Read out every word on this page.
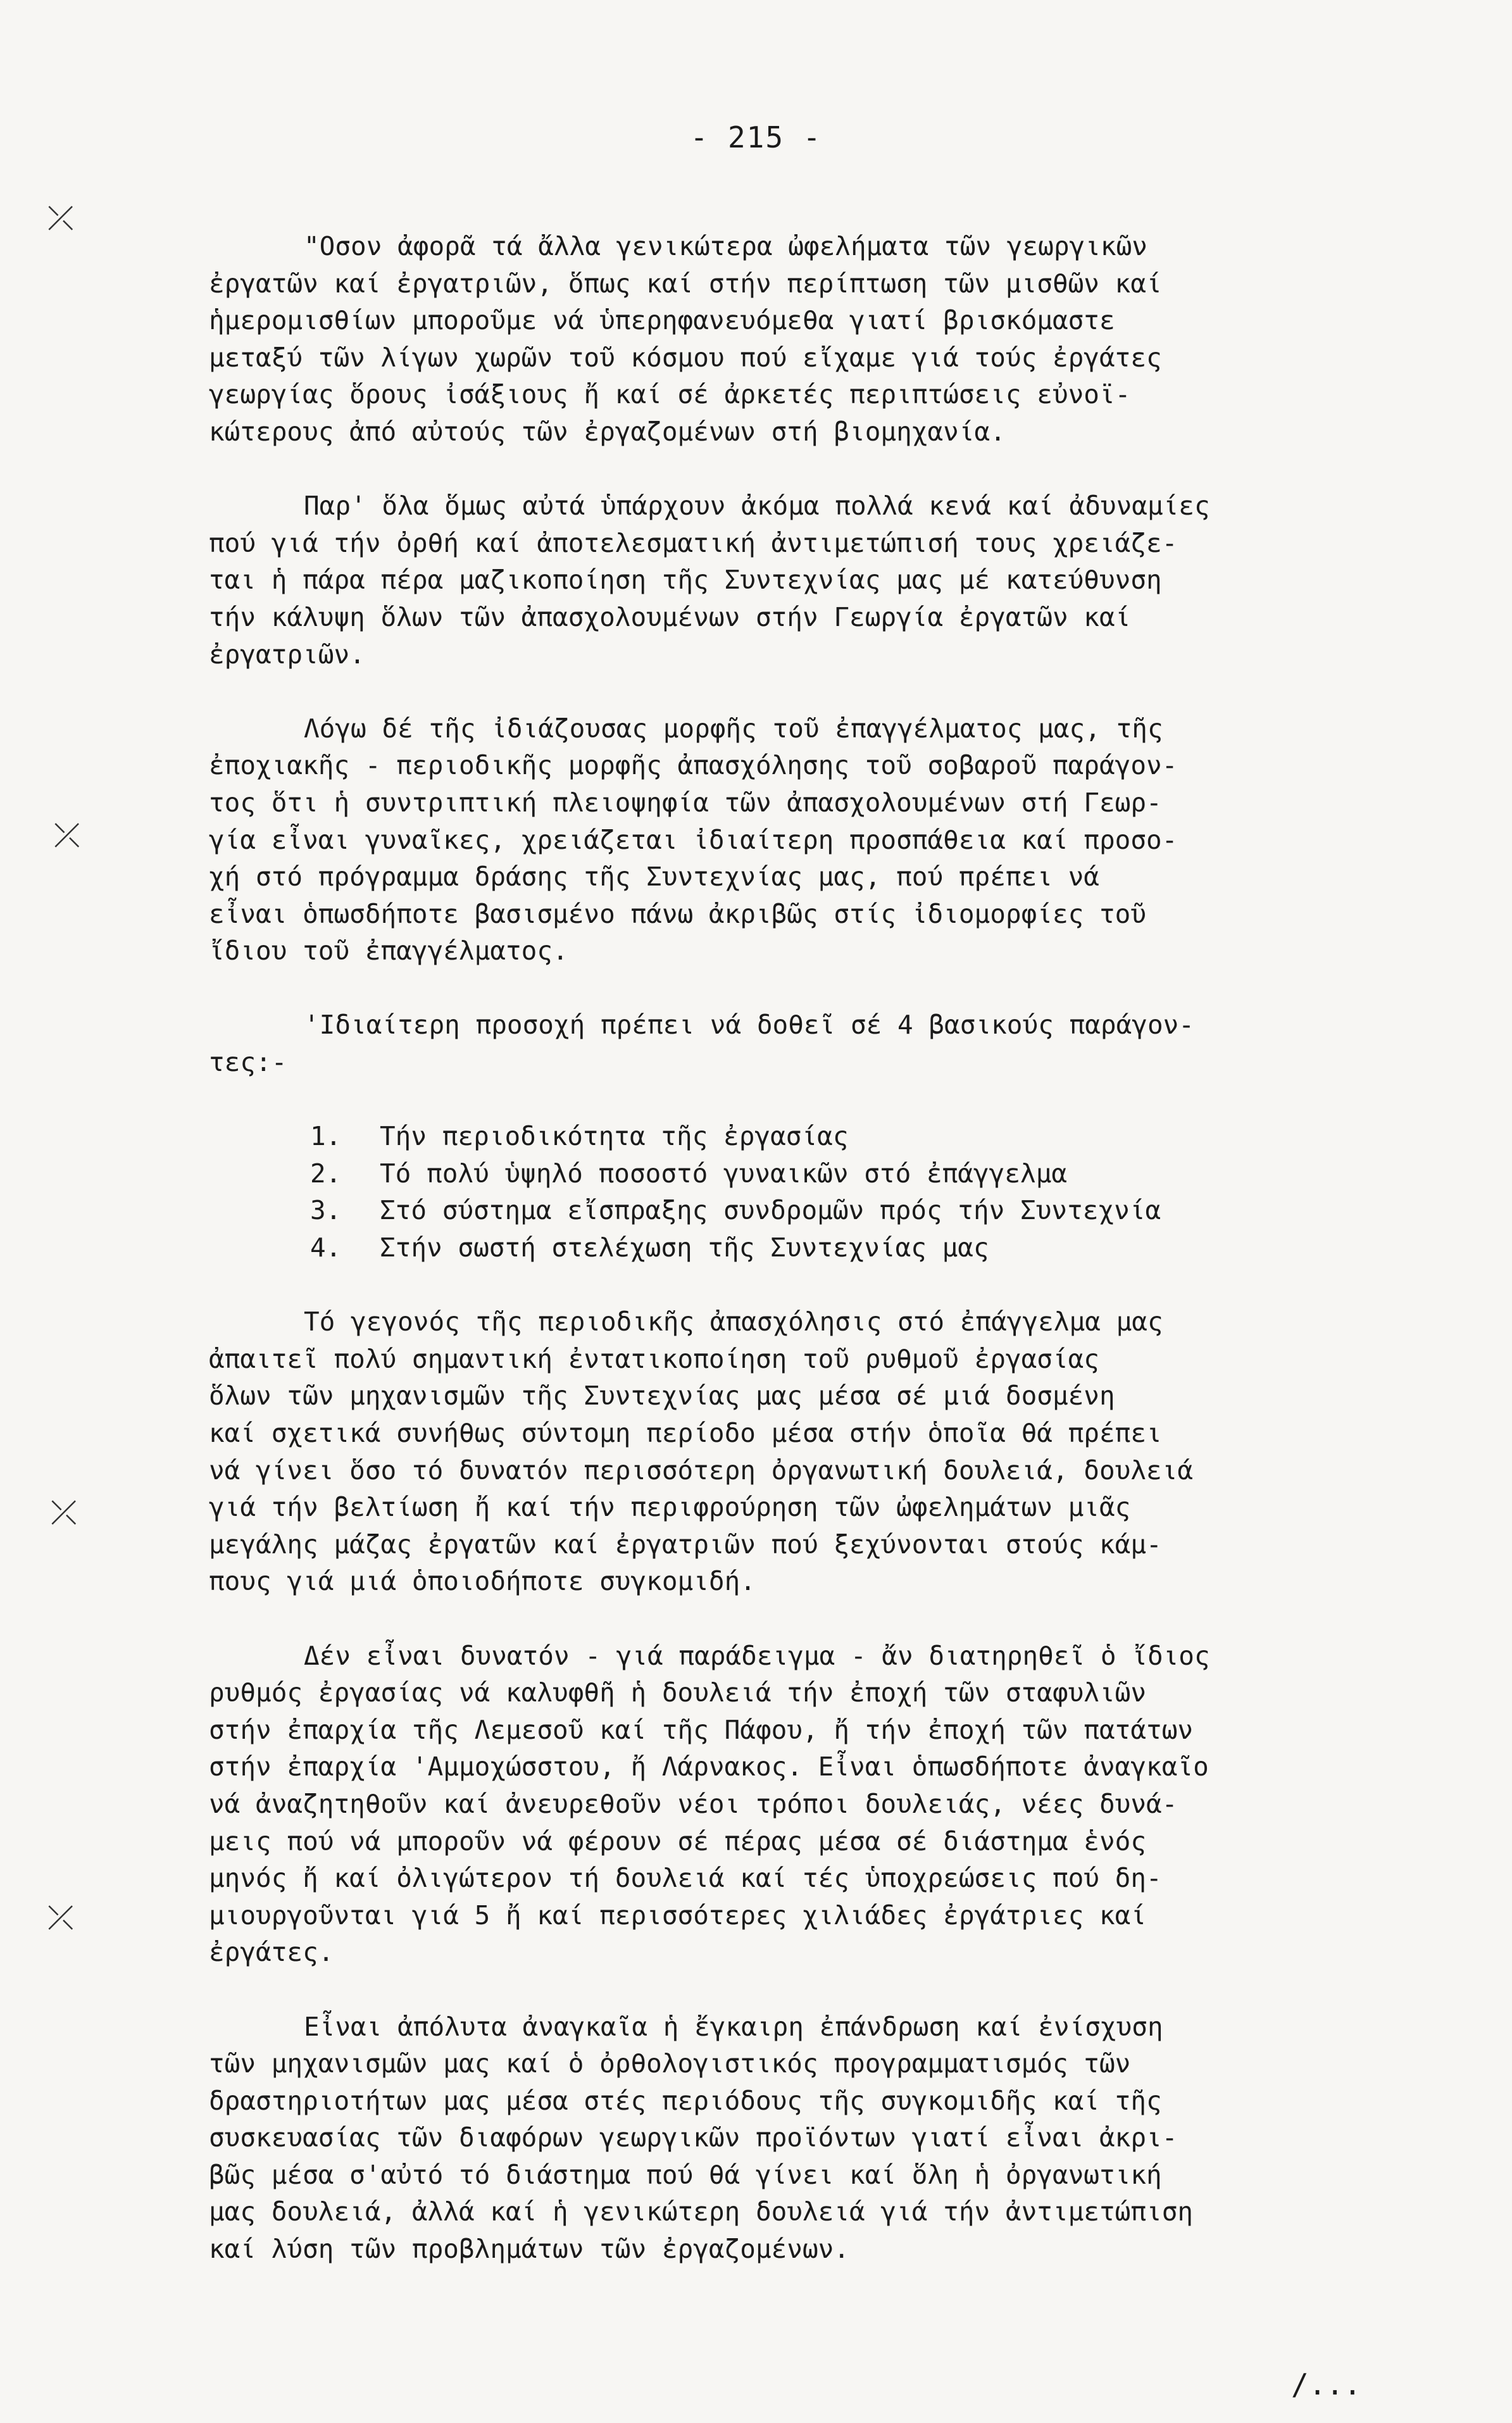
- 215 -
⤫
⤫
⤫
⤫
"Οσον ἀφορᾶ τά ἄλλα γενικώτερα ὠφελήματα τῶν γεωργικῶν
ἐργατῶν καί ἐργατριῶν, ὅπως καί στήν περίπτωση τῶν μισθῶν καί
ἡμερομισθίων μποροῦμε νά ὑπερηφανευόμεθα γιατί βρισκόμαστε
μεταξύ τῶν λίγων χωρῶν τοῦ κόσμου πού εἴχαμε γιά τούς ἐργάτες
γεωργίας ὅρους ἰσάξιους ἤ καί σέ ἀρκετές περιπτώσεις εὐνοϊ-
κώτερους ἀπό αὐτούς τῶν ἐργαζομένων στή βιομηχανία.
Παρ' ὅλα ὅμως αὐτά ὑπάρχουν ἀκόμα πολλά κενά καί ἀδυναμίες
πού γιά τήν ὀρθή καί ἀποτελεσματική ἀντιμετώπισή τους χρειάζε-
ται ἡ πάρα πέρα μαζικοποίηση τῆς Συντεχνίας μας μέ κατεύθυνση
τήν κάλυψη ὅλων τῶν ἀπασχολουμένων στήν Γεωργία ἐργατῶν καί
ἐργατριῶν.
Λόγω δέ τῆς ἰδιάζουσας μορφῆς τοῦ ἐπαγγέλματος μας, τῆς
ἐποχιακῆς - περιοδικῆς μορφῆς ἀπασχόλησης τοῦ σοβαροῦ παράγον-
τος ὅτι ἡ συντριπτική πλειοψηφία τῶν ἀπασχολουμένων στή Γεωρ-
γία εἶναι γυναῖκες, χρειάζεται ἰδιαίτερη προσπάθεια καί προσο-
χή στό πρόγραμμα δράσης τῆς Συντεχνίας μας, πού πρέπει νά
εἶναι ὁπωσδήποτε βασισμένο πάνω ἀκριβῶς στίς ἰδιομορφίες τοῦ
ἴδιου τοῦ ἐπαγγέλματος.
'Ιδιαίτερη προσοχή πρέπει νά δοθεῖ σέ 4 βασικούς παράγον-
τες:-
1. Τήν περιοδικότητα τῆς ἐργασίας
2. Τό πολύ ὑψηλό ποσοστό γυναικῶν στό ἐπάγγελμα
3. Στό σύστημα εἴσπραξης συνδρομῶν πρός τήν Συντεχνία
4. Στήν σωστή στελέχωση τῆς Συντεχνίας μας
Τό γεγονός τῆς περιοδικῆς ἀπασχόλησις στό ἐπάγγελμα μας
ἀπαιτεῖ πολύ σημαντική ἐντατικοποίηση τοῦ ρυθμοῦ ἐργασίας
ὅλων τῶν μηχανισμῶν τῆς Συντεχνίας μας μέσα σέ μιά δοσμένη
καί σχετικά συνήθως σύντομη περίοδο μέσα στήν ὁποῖα θά πρέπει
νά γίνει ὅσο τό δυνατόν περισσότερη ὀργανωτική δουλειά, δουλειά
γιά τήν βελτίωση ἤ καί τήν περιφρούρηση τῶν ὠφελημάτων μιᾶς
μεγάλης μάζας ἐργατῶν καί ἐργατριῶν πού ξεχύνονται στούς κάμ-
πους γιά μιά ὁποιοδήποτε συγκομιδή.
Δέν εἶναι δυνατόν - γιά παράδειγμα - ἄν διατηρηθεῖ ὁ ἴδιος
ρυθμός ἐργασίας νά καλυφθῆ ἡ δουλειά τήν ἐποχή τῶν σταφυλιῶν
στήν ἐπαρχία τῆς Λεμεσοῦ καί τῆς Πάφου, ἤ τήν ἐποχή τῶν πατάτων
στήν ἐπαρχία 'Αμμοχώσστου, ἤ Λάρνακος. Εἶναι ὁπωσδήποτε ἀναγκαῖο
νά ἀναζητηθοῦν καί ἀνευρεθοῦν νέοι τρόποι δουλειάς, νέες δυνά-
μεις πού νά μποροῦν νά φέρουν σέ πέρας μέσα σέ διάστημα ἑνός
μηνός ἤ καί ὀλιγώτερον τή δουλειά καί τές ὑποχρεώσεις πού δη-
μιουργοῦνται γιά 5 ἤ καί περισσότερες χιλιάδες ἐργάτριες καί
ἐργάτες.
Εἶναι ἀπόλυτα ἀναγκαῖα ἡ ἔγκαιρη ἐπάνδρωση καί ἐνίσχυση
τῶν μηχανισμῶν μας καί ὁ ὀρθολογιστικός προγραμματισμός τῶν
δραστηριοτήτων μας μέσα στές περιόδους τῆς συγκομιδῆς καί τῆς
συσκευασίας τῶν διαφόρων γεωργικῶν προϊόντων γιατί εἶναι ἀκρι-
βῶς μέσα σ'αὐτό τό διάστημα πού θά γίνει καί ὅλη ἡ ὀργανωτική
μας δουλειά, ἀλλά καί ἡ γενικώτερη δουλειά γιά τήν ἀντιμετώπιση
καί λύση τῶν προβλημάτων τῶν ἐργαζομένων.
/...
